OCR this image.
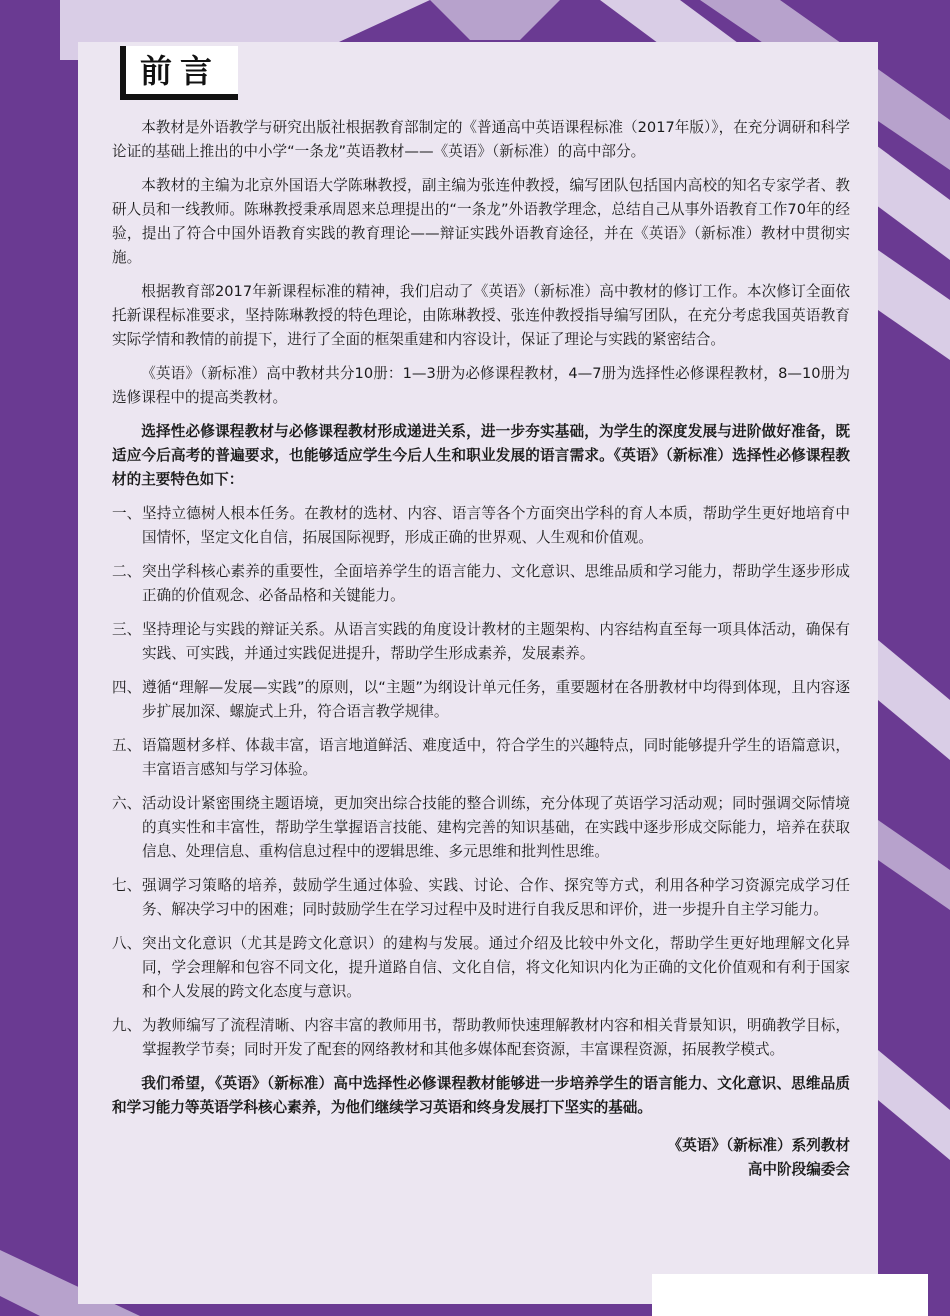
前言

本教材是外语教学与研究出版社根据教育部制定的《普通高中英语课程标准（2017年版）》，在充分调研和科学论证的基础上推出的中小学“一条龙”英语教材——《英语》（新标准）的高中部分。

本教材的主编为北京外国语大学陈琳教授，副主编为张连仲教授，编写团队包括国内高校的知名专家学者、教研人员和一线教师。陈琳教授秉承周恩来总理提出的“一条龙”外语教学理念，总结自己从事外语教育工作70年的经验，提出了符合中国外语教育实践的教育理论——辩证实践外语教育途径，并在《英语》（新标准）教材中贯彻实施。

根据教育部2017年新课程标准的精神，我们启动了《英语》（新标准）高中教材的修订工作。本次修订全面依托新课程标准要求，坚持陈琳教授的特色理论，由陈琳教授、张连仲教授指导编写团队，在充分考虑我国英语教育实际学情和教情的前提下，进行了全面的框架重建和内容设计，保证了理论与实践的紧密结合。

《英语》（新标准）高中教材共分10册：1—3册为必修课程教材，4—7册为选择性必修课程教材，8—10册为选修课程中的提高类教材。

选择性必修课程教材与必修课程教材形成递进关系，进一步夯实基础，为学生的深度发展与进阶做好准备，既适应今后高考的普遍要求，也能够适应学生今后人生和职业发展的语言需求。《英语》（新标准）选择性必修课程教材的主要特色如下：

一、 坚持立德树人根本任务。在教材的选材、内容、语言等各个方面突出学科的育人本质，帮助学生更好地培育中国情怀，坚定文化自信，拓展国际视野，形成正确的世界观、人生观和价值观。
二、 突出学科核心素养的重要性，全面培养学生的语言能力、文化意识、思维品质和学习能力，帮助学生逐步形成正确的价值观念、必备品格和关键能力。
三、 坚持理论与实践的辩证关系。从语言实践的角度设计教材的主题架构、内容结构直至每一项具体活动，确保有实践、可实践，并通过实践促进提升，帮助学生形成素养，发展素养。
四、 遵循“理解—发展—实践”的原则，以“主题”为纲设计单元任务，重要题材在各册教材中均得到体现，且内容逐步扩展加深、螺旋式上升，符合语言教学规律。
五、 语篇题材多样、体裁丰富，语言地道鲜活、难度适中，符合学生的兴趣特点，同时能够提升学生的语篇意识，丰富语言感知与学习体验。
六、 活动设计紧密围绕主题语境，更加突出综合技能的整合训练，充分体现了英语学习活动观；同时强调交际情境的真实性和丰富性，帮助学生掌握语言技能、建构完善的知识基础，在实践中逐步形成交际能力，培养在获取信息、处理信息、重构信息过程中的逻辑思维、多元思维和批判性思维。
七、 强调学习策略的培养，鼓励学生通过体验、实践、讨论、合作、探究等方式，利用各种学习资源完成学习任务、解决学习中的困难；同时鼓励学生在学习过程中及时进行自我反思和评价，进一步提升自主学习能力。
八、 突出文化意识（尤其是跨文化意识）的建构与发展。通过介绍及比较中外文化，帮助学生更好地理解文化异同，学会理解和包容不同文化，提升道路自信、文化自信，将文化知识内化为正确的文化价值观和有利于国家和个人发展的跨文化态度与意识。
九、 为教师编写了流程清晰、内容丰富的教师用书，帮助教师快速理解教材内容和相关背景知识，明确教学目标，掌握教学节奏；同时开发了配套的网络教材和其他多媒体配套资源，丰富课程资源，拓展教学模式。

我们希望，《英语》（新标准）高中选择性必修课程教材能够进一步培养学生的语言能力、文化意识、思维品质和学习能力等英语学科核心素养，为他们继续学习英语和终身发展打下坚实的基础。

《英语》（新标准）系列教材
高中阶段编委会
